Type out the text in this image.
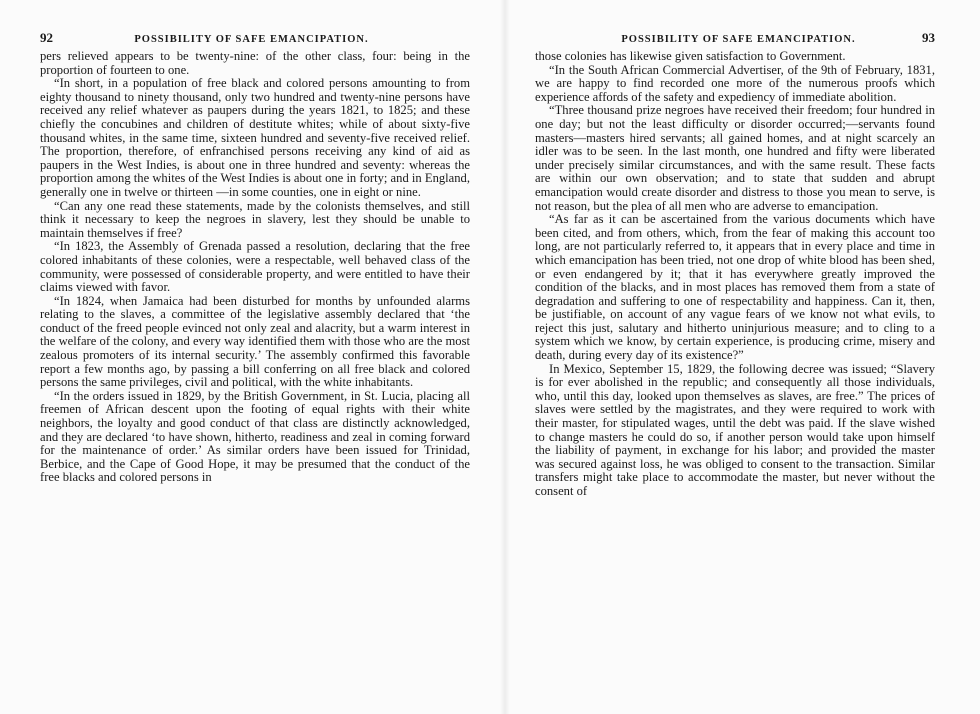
92	POSSIBILITY OF SAFE EMANCIPATION.

pers relieved appears to be twenty-nine: of the other class, four: being in the proportion of fourteen to one.

“In short, in a population of free black and colored persons amounting to from eighty thousand to ninety thousand, only two hundred and twenty-nine persons have received any relief whatever as paupers during the years 1821, to 1825; and these chiefly the concubines and children of destitute whites; while of about sixty-five thousand whites, in the same time, sixteen hundred and seventy-five received relief. The proportion, therefore, of enfranchised persons receiving any kind of aid as paupers in the West Indies, is about one in three hundred and seventy: whereas the proportion among the whites of the West Indies is about one in forty; and in England, generally one in twelve or thirteen —in some counties, one in eight or nine.

“Can any one read these statements, made by the colonists themselves, and still think it necessary to keep the negroes in slavery, lest they should be unable to maintain themselves if free?

“In 1823, the Assembly of Grenada passed a resolution, declaring that the free colored inhabitants of these colonies, were a respectable, well behaved class of the community, were possessed of considerable property, and were entitled to have their claims viewed with favor.

“In 1824, when Jamaica had been disturbed for months by unfounded alarms relating to the slaves, a committee of the legislative assembly declared that ‘the conduct of the freed people evinced not only zeal and alacrity, but a warm interest in the welfare of the colony, and every way identified them with those who are the most zealous promoters of its internal security.’ The assembly confirmed this favorable report a few months ago, by passing a bill conferring on all free black and colored persons the same privileges, civil and political, with the white inhabitants.

“In the orders issued in 1829, by the British Government, in St. Lucia, placing all freemen of African descent upon the footing of equal rights with their white neighbors, the loyalty and good conduct of that class are distinctly acknowledged, and they are declared ‘to have shown, hitherto, readiness and zeal in coming forward for the maintenance of order.’ As similar orders have been issued for Trinidad, Berbice, and the Cape of Good Hope, it may be presumed that the conduct of the free blacks and colored persons in

POSSIBILITY OF SAFE EMANCIPATION.	93

those colonies has likewise given satisfaction to Government.

“In the South African Commercial Advertiser, of the 9th of February, 1831, we are happy to find recorded one more of the numerous proofs which experience affords of the safety and expediency of immediate abolition.

“Three thousand prize negroes have received their freedom; four hundred in one day; but not the least difficulty or disorder occurred;—servants found masters—masters hired servants; all gained homes, and at night scarcely an idler was to be seen. In the last month, one hundred and fifty were liberated under precisely similar circumstances, and with the same result. These facts are within our own observation; and to state that sudden and abrupt emancipation would create disorder and distress to those you mean to serve, is not reason, but the plea of all men who are adverse to emancipation.

“As far as it can be ascertained from the various documents which have been cited, and from others, which, from the fear of making this account too long, are not particularly referred to, it appears that in every place and time in which emancipation has been tried, not one drop of white blood has been shed, or even endangered by it; that it has everywhere greatly improved the condition of the blacks, and in most places has removed them from a state of degradation and suffering to one of respectability and happiness. Can it, then, be justifiable, on account of any vague fears of we know not what evils, to reject this just, salutary and hitherto uninjurious measure; and to cling to a system which we know, by certain experience, is producing crime, misery and death, during every day of its existence?”

In Mexico, September 15, 1829, the following decree was issued; “Slavery is for ever abolished in the republic; and consequently all those individuals, who, until this day, looked upon themselves as slaves, are free.” The prices of slaves were settled by the magistrates, and they were required to work with their master, for stipulated wages, until the debt was paid. If the slave wished to change masters he could do so, if another person would take upon himself the liability of payment, in exchange for his labor; and provided the master was secured against loss, he was obliged to consent to the transaction. Similar transfers might take place to accommodate the master, but never without the consent of
